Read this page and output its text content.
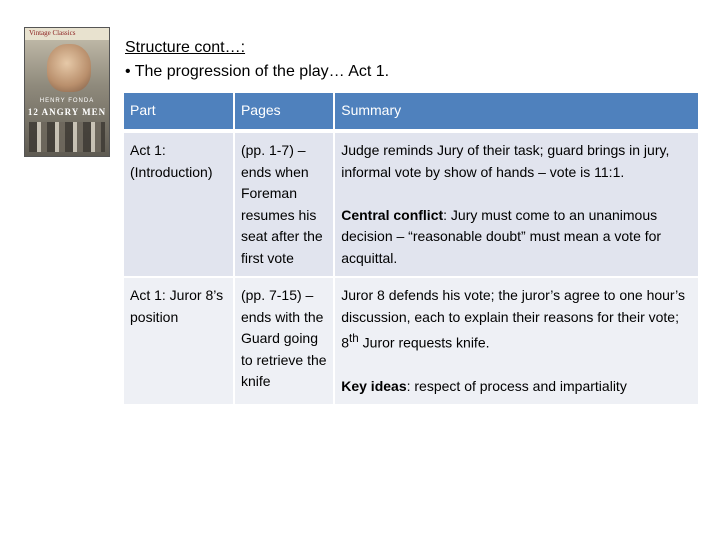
Vintage Classics
HENRY FONDA
12 ANGRY MEN
Structure cont…:
• The progression of the play… Act 1.
Part	Pages	Summary
Act 1: (Introduction)	(pp. 1-7) – ends when Foreman resumes his seat after the first vote	Judge reminds Jury of their task; guard brings in jury, informal vote by show of hands – vote is 11:1.
Central conflict: Jury must come to an unanimous decision – “reasonable doubt” must mean a vote for acquittal.

Act 1: Juror 8’s position	(pp. 7-15) – ends with the Guard going to retrieve the knife	Juror 8 defends his vote; the juror’s agree to one hour’s discussion, each to explain their reasons for their vote; 8th Juror requests knife.
Key ideas: respect of process and impartiality
